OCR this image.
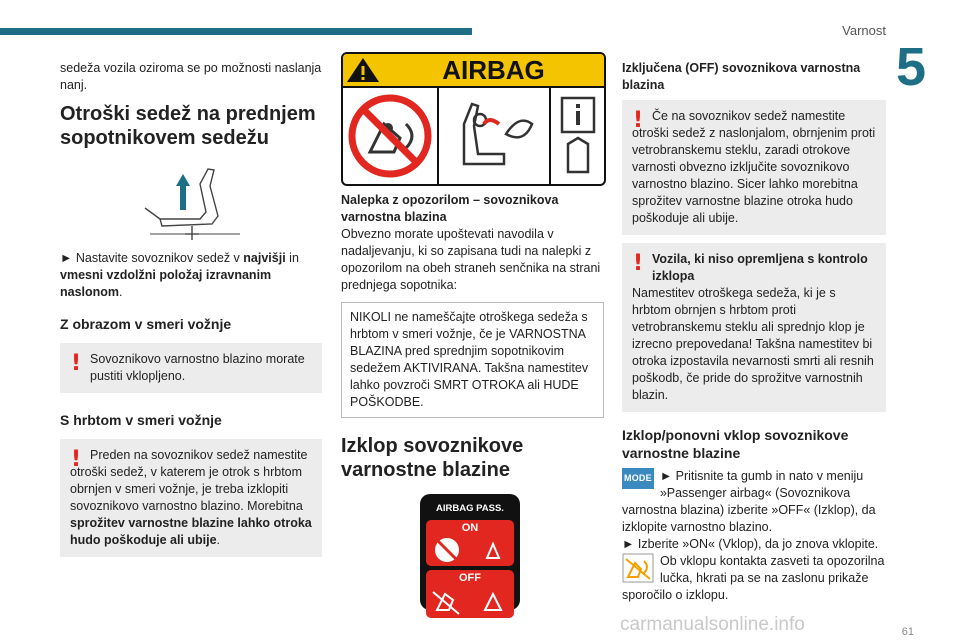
Varnost
5

sedeža vozila oziroma se po možnosti naslanja nanj.

Otroški sedež na prednjem sopotnikovem sedežu

► Nastavite sovoznikov sedež v najvišji in vmesni vzdolžni položaj izravnanim naslonom.

Z obrazom v smeri vožnje
! Sovoznikovo varnostno blazino morate pustiti vklopljeno.

S hrbtom v smeri vožnje
! Preden na sovoznikov sedež namestite otroški sedež, v katerem je otrok s hrbtom obrnjen v smeri vožnje, je treba izklopiti sovoznikovo varnostno blazino. Morebitna sprožitev varnostne blazine lahko otroka hudo poškoduje ali ubije.

AIRBAG

Nalepka z opozorilom – sovoznikova varnostna blazina

Obvezno morate upoštevati navodila v nadaljevanju, ki so zapisana tudi na nalepki z opozorilom na obeh straneh senčnika na strani prednjega sopotnika:

NIKOLI ne nameščajte otroškega sedeža s hrbtom v smeri vožnje, če je VARNOSTNA BLAZINA pred sprednjim sopotnikovim sedežem AKTIVIRANA. Takšna namestitev lahko povzroči SMRT OTROKA ali HUDE POŠKODBE.
Izklop sovoznikove varnostne blazine
AIRBAG PASS.
ON
OFF

Izključena (OFF) sovoznikova varnostna blazina

! Če na sovoznikov sedež namestite otroški sedež z naslonjalom, obrnjenim proti vetrobranskemu steklu, zaradi otrokove varnosti obvezno izključite sovoznikovo varnostno blazino. Sicer lahko morebitna sprožitev varnostne blazine otroka hudo poškoduje ali ubije.

! Vozila, ki niso opremljena s kontrolo izklopa

Namestitev otroškega sedeža, ki je s hrbtom obrnjen s hrbtom proti vetrobranskemu steklu ali sprednjo klop je izrecno prepovedana! Takšna namestitev bi otroka izpostavila nevarnosti smrti ali resnih poškodb, če pride do sprožitve varnostnih blazin.

Izklop/ponovni vklop sovoznikove varnostne blazine

MODE ► Pritisnite ta gumb in nato v meniju »Passenger airbag« (Sovoznikova varnostna blazina) izberite »OFF« (Izklop), da izklopite varnostno blazino.

► Izberite »ON« (Vklop), da jo znova vklopite.

Ob vklopu kontakta zasveti ta opozorilna lučka, hkrati pa se na zaslonu prikaže sporočilo o izklopu.

61
carmanualsonline.info
